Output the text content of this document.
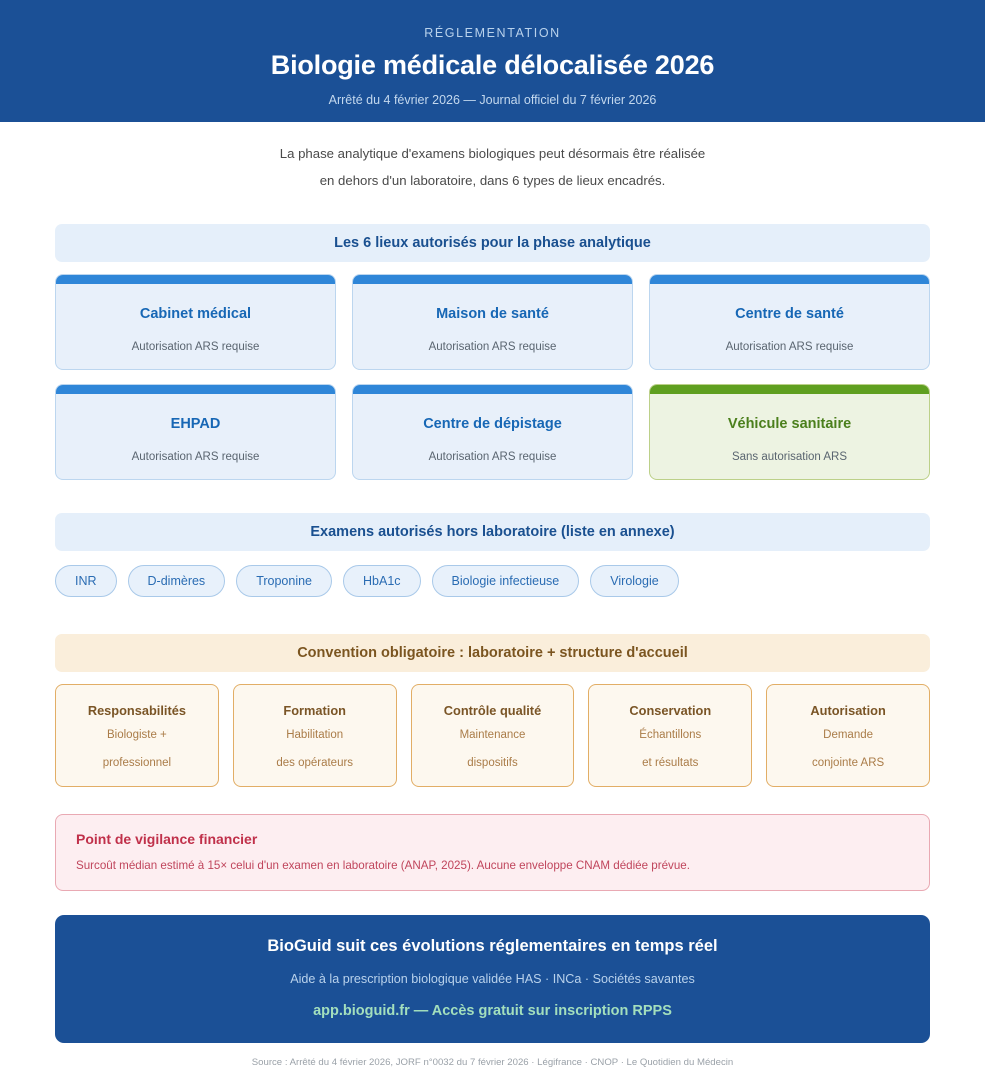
RÉGLEMENTATION
Biologie médicale délocalisée 2026
Arrêté du 4 février 2026 — Journal officiel du 7 février 2026

La phase analytique d'examens biologiques peut désormais être réalisée

en dehors d'un laboratoire, dans 6 types de lieux encadrés.

Les 6 lieux autorisés pour la phase analytique
Cabinet médical
Autorisation ARS requise
Maison de santé
Autorisation ARS requise
Centre de santé
Autorisation ARS requise
EHPAD
Autorisation ARS requise
Centre de dépistage
Autorisation ARS requise
Véhicule sanitaire
Sans autorisation ARS
Examens autorisés hors laboratoire (liste en annexe)
INR	D-dimères	Troponine	HbA1c	Biologie infectieuse	Virologie
Convention obligatoire : laboratoire + structure d'accueil
Responsabilités
Biologiste +
professionnel
Formation
Habilitation
des opérateurs
Contrôle qualité
Maintenance
dispositifs
Conservation
Échantillons
et résultats
Autorisation
Demande
conjointe ARS
Point de vigilance financier
Surcoût médian estimé à 15× celui d'un examen en laboratoire (ANAP, 2025). Aucune enveloppe CNAM dédiée prévue.
BioGuid suit ces évolutions réglementaires en temps réel
Aide à la prescription biologique validée HAS · INCa · Sociétés savantes
app.bioguid.fr — Accès gratuit sur inscription RPPS
Source : Arrêté du 4 février 2026, JORF n°0032 du 7 février 2026 · Légifrance · CNOP · Le Quotidien du Médecin
